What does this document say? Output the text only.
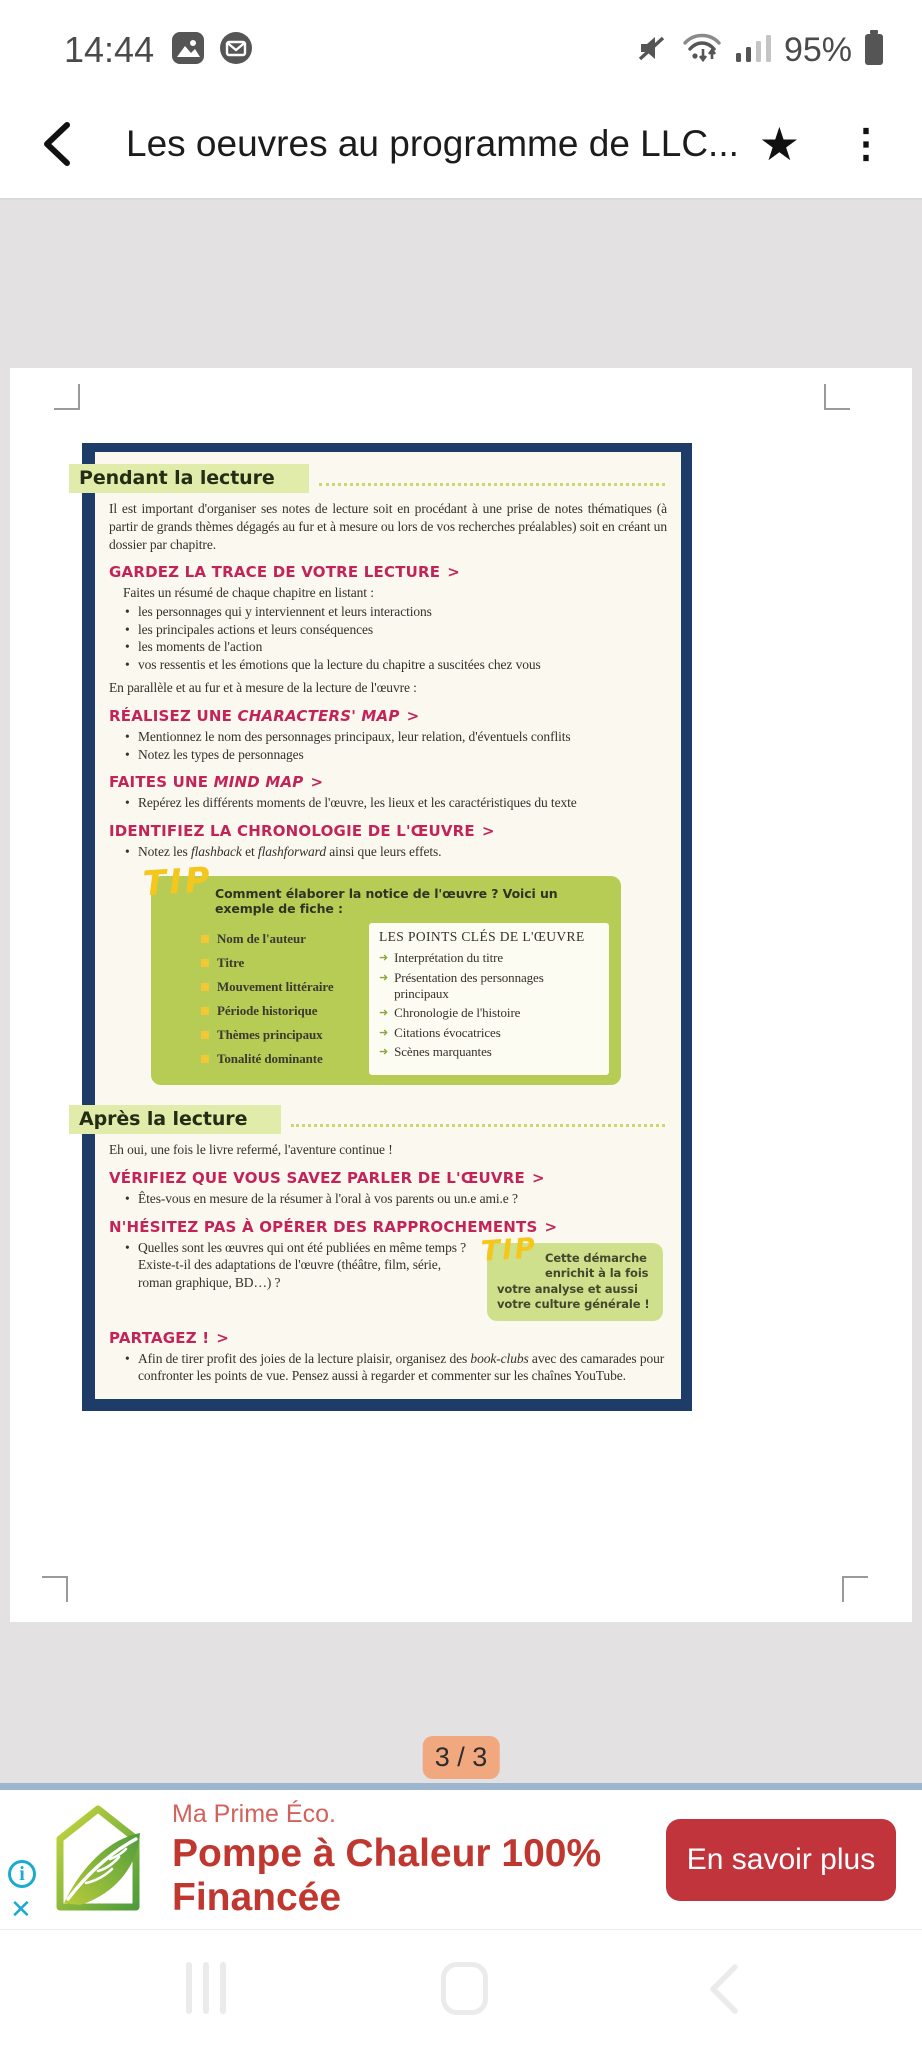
14:44	95%
Les oeuvres au programme de LLC... ★ ⋮
Pendant la lecture

Il est important d'organiser ses notes de lecture soit en procédant à une prise de notes thématiques (à partir de grands thèmes dégagés au fur et à mesure ou lors de vos recherches préalables) soit en créant un dossier par chapitre.

GARDEZ LA TRACE DE VOTRE LECTURE >

Faites un résumé de chaque chapitre en listant :

• les personnages qui y interviennent et leurs interactions
• les principales actions et leurs conséquences
• les moments de l'action
• vos ressentis et les émotions que la lecture du chapitre a suscitées chez vous

En parallèle et au fur et à mesure de la lecture de l'œuvre :

RÉALISEZ UNE CHARACTERS' MAP >
• Mentionnez le nom des personnages principaux, leur relation, d'éventuels conflits
• Notez les types de personnages
FAITES UNE MIND MAP >
• Repérez les différents moments de l'œuvre, les lieux et les caractéristiques du texte
IDENTIFIEZ LA CHRONOLOGIE DE L'ŒUVRE >
• Notez les flashback et flashforward ainsi que leurs effets.
TIP Comment élaborer la notice de l'œuvre ? Voici un exemple de fiche :
Nom de l'auteur
Titre
Mouvement littéraire
Période historique
Thèmes principaux
Tonalité dominante
LES POINTS CLÉS DE L'ŒUVRE
➜ Interprétation du titre
➜ Présentation des personnages principaux
➜ Chronologie de l'histoire
➜ Citations évocatrices
➜ Scènes marquantes
Après la lecture

Eh oui, une fois le livre refermé, l'aventure continue !

VÉRIFIEZ QUE VOUS SAVEZ PARLER DE L'ŒUVRE >
• Êtes-vous en mesure de la résumer à l'oral à vos parents ou un.e ami.e ?
N'HÉSITEZ PAS À OPÉRER DES RAPPROCHEMENTS >
TIP Cette démarche enrichit à la fois votre analyse et aussi votre culture générale !
• Quelles sont les œuvres qui ont été publiées en même temps ? Existe-t-il des adaptations de l'œuvre (théâtre, film, série, roman graphique, BD…) ?
PARTAGEZ ! >
• Afin de tirer profit des joies de la lecture plaisir, organisez des book-clubs avec des camarades pour confronter les points de vue. Pensez aussi à regarder et commenter sur les chaînes YouTube.
3 / 3
i
✕
Ma Prime Éco.
Pompe à Chaleur 100% Financée
En savoir plus
